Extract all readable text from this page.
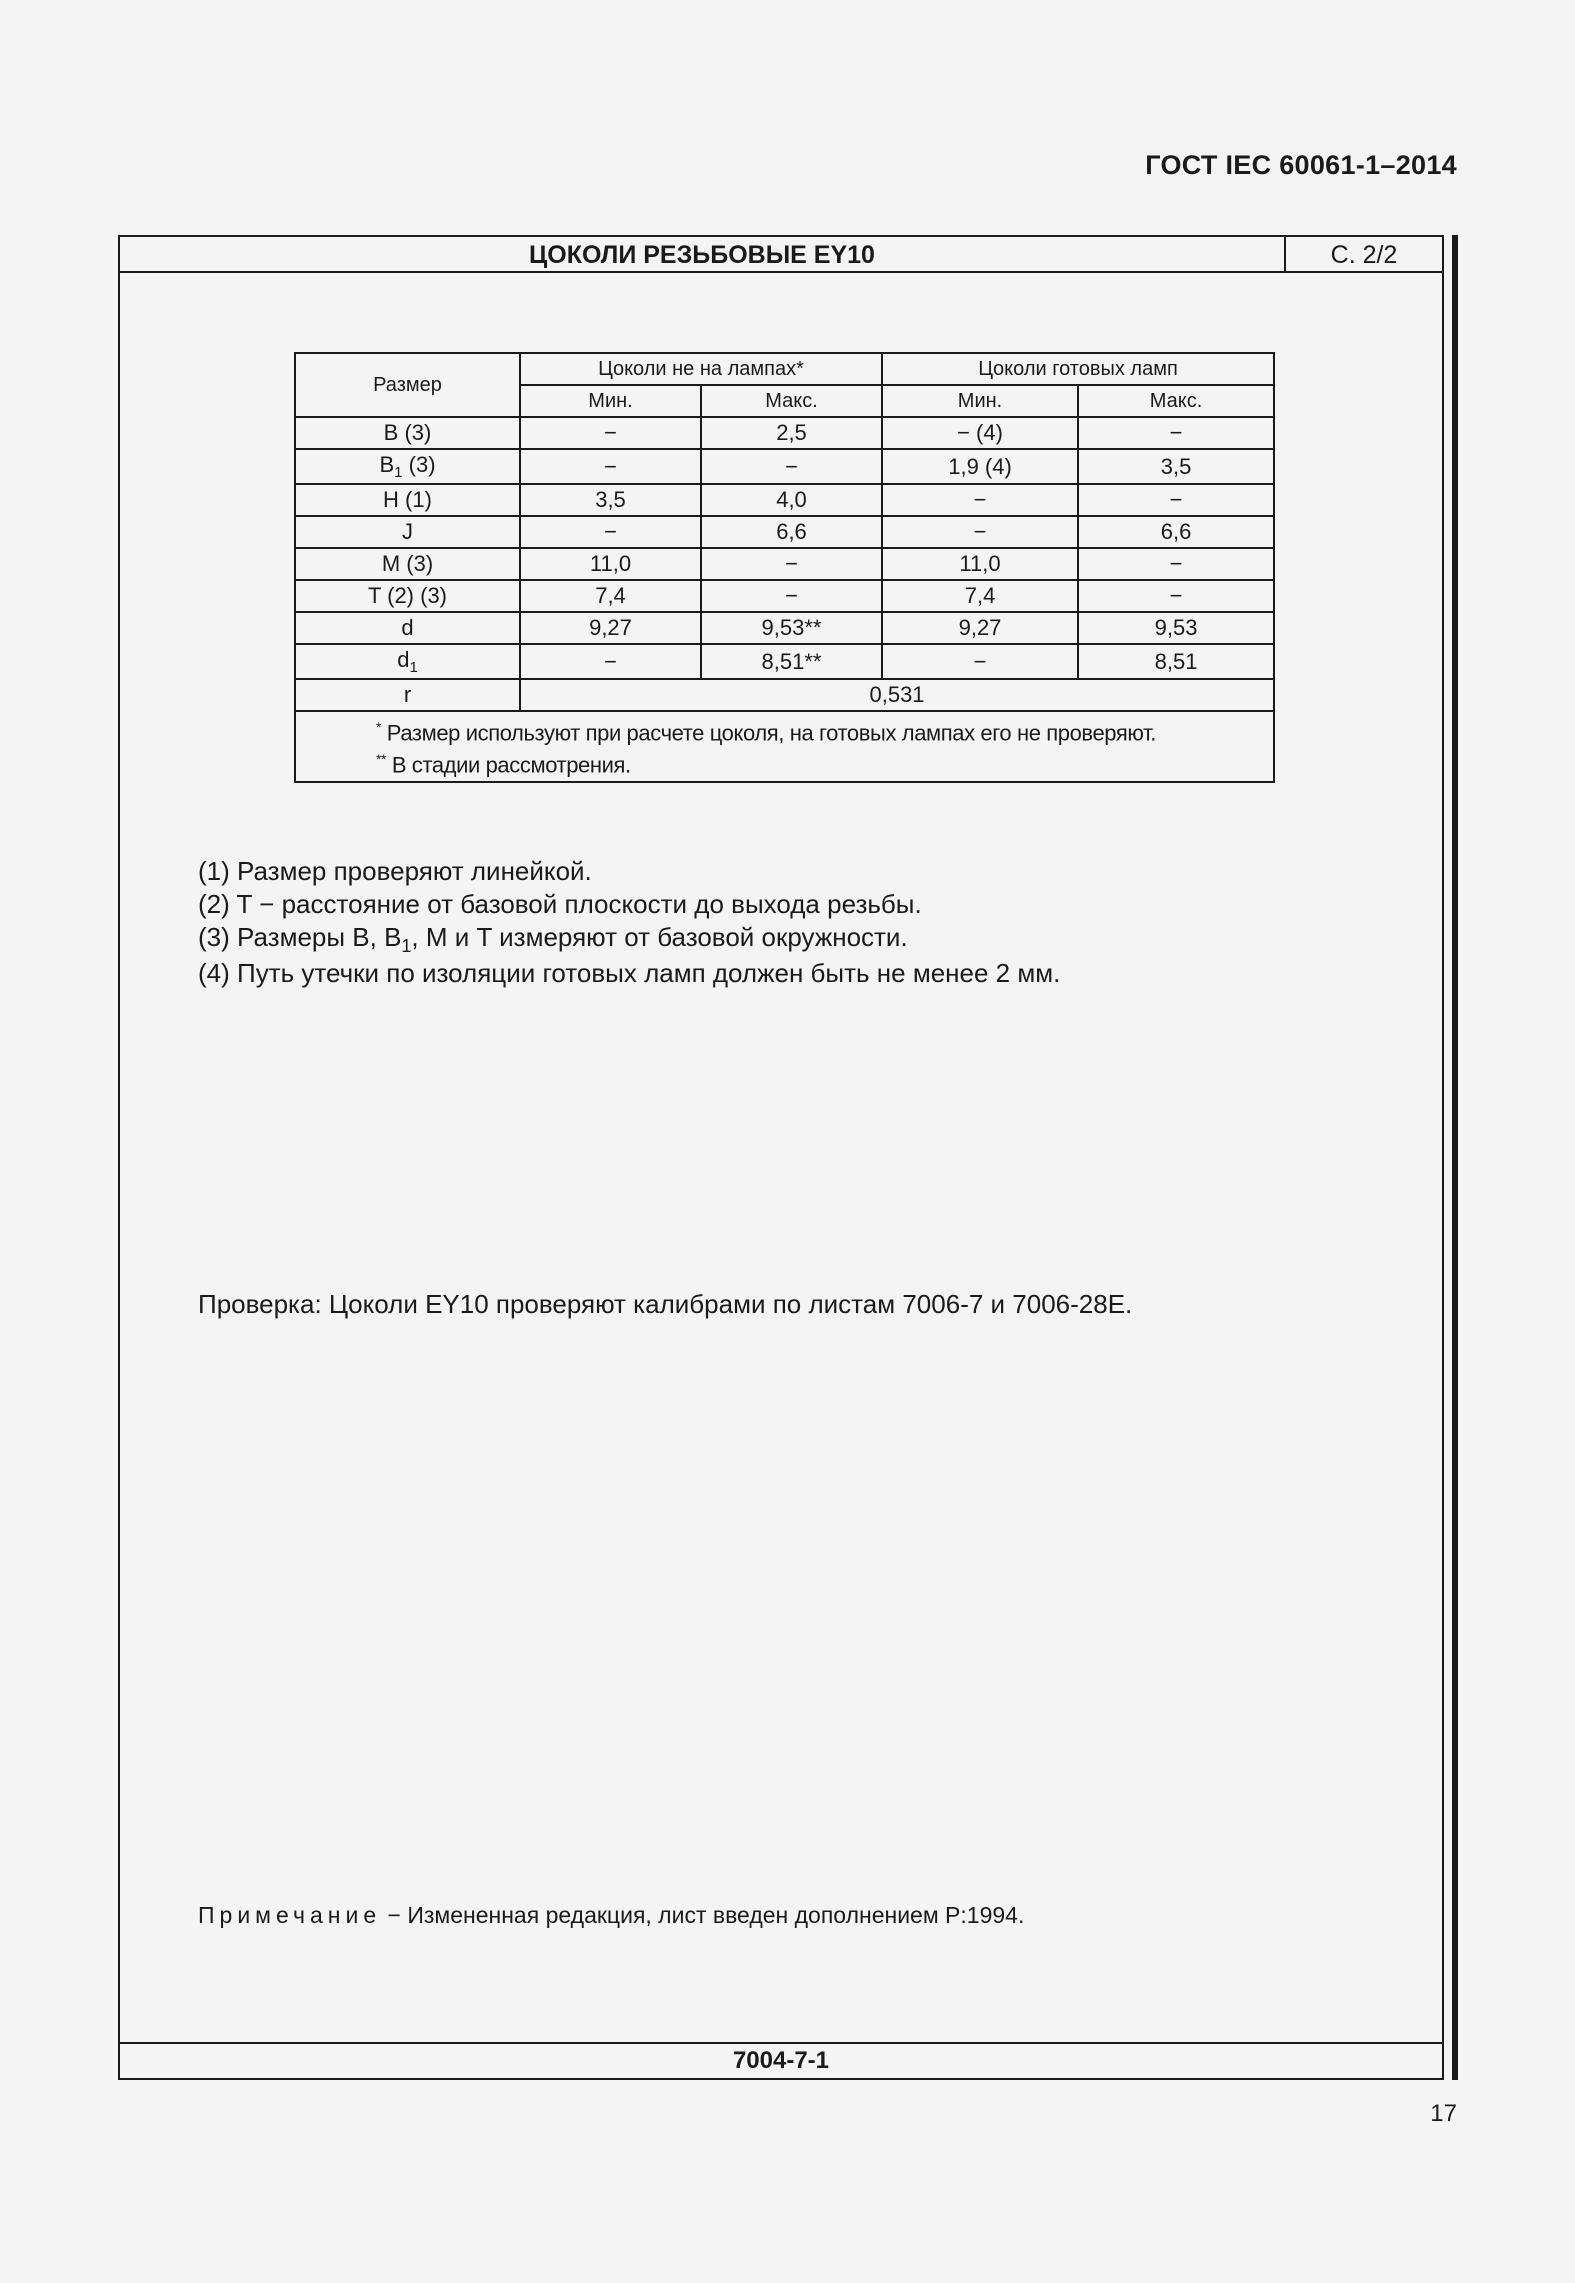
ГОСТ IEC 60061-1–2014
ЦОКОЛИ РЕЗЬБОВЫЕ EY10	С. 2/2
Размер	Цоколи не на лампах*		Цоколи готовых ламп	
	Мин.	Макс.	Мин.	Макс.
B (3)	−	2,5	− (4)	−
$B_1$ (3)	−	−	1,9 (4)	3,5
H (1)	3,5	4,0	−	−
J	−	6,6	−	6,6
M (3)	11,0	−	11,0	−
T (2) (3)	7,4	−	7,4	−
d	9,27	9,53**	9,27	9,53
$d_1$	−	8,51**	−	8,51
r	0,531			

* Размер используют при расчете цоколя, на готовых лампах его не проверяют.
** В стадии рассмотрения.				
(1) Размер проверяют линейкой.
(2) T − расстояние от базовой плоскости до выхода резьбы.
(3) Размеры B, $B_1$, M и T измеряют от базовой окружности.
(4) Путь утечки по изоляции готовых ламп должен быть не менее 2 мм.
Проверка: Цоколи EY10 проверяют калибрами по листам 7006-7 и 7006-28E.
Примечание − Измененная редакция, лист введен дополнением P:1994.
7004-7-1
17
